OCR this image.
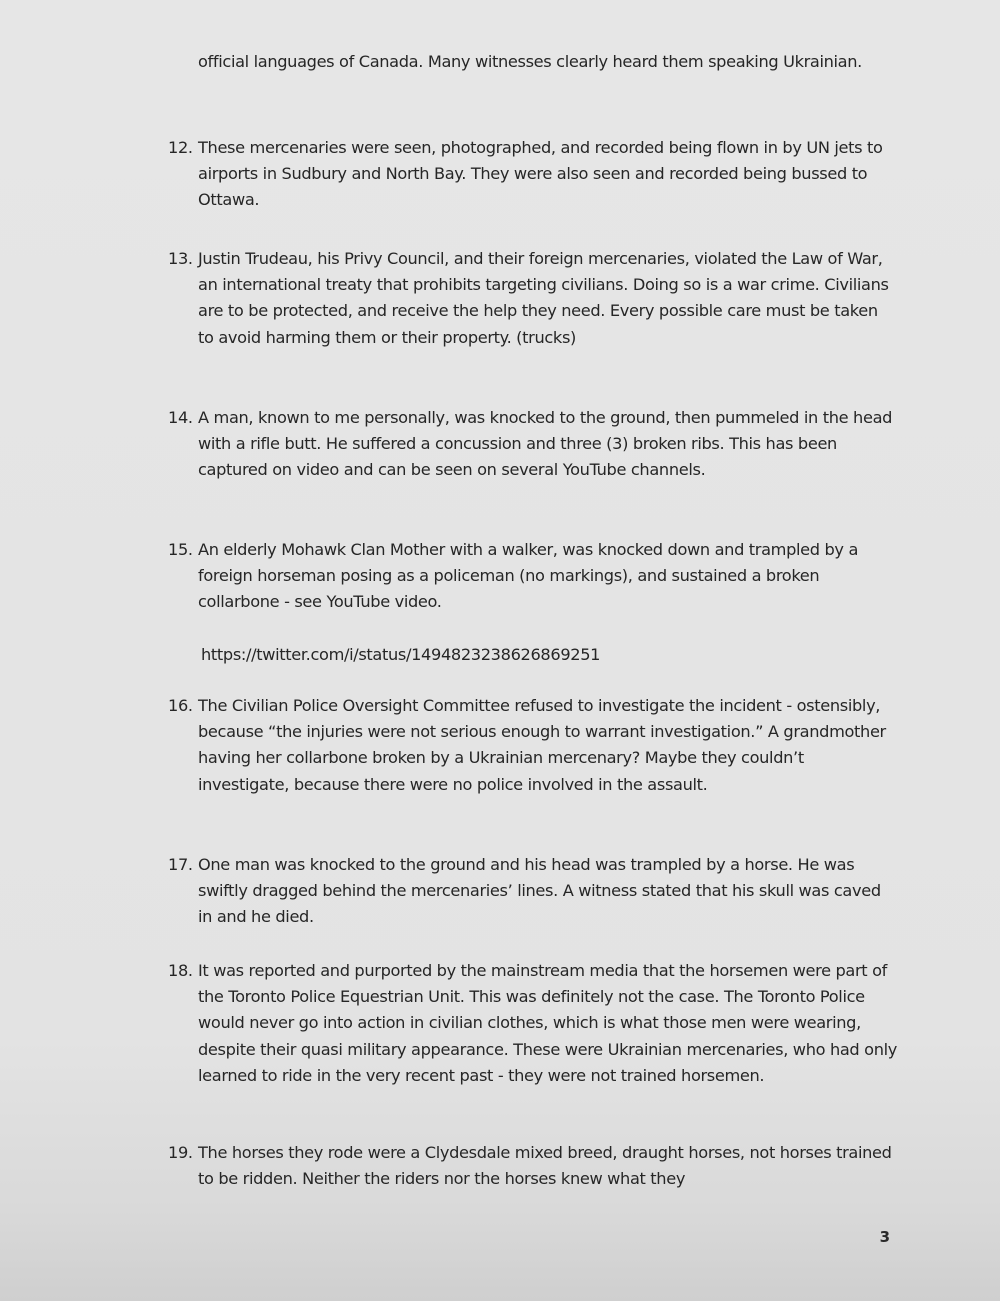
official languages of Canada. Many witnesses clearly heard them speaking Ukrainian.
12. These mercenaries were seen, photographed, and recorded being flown in by UN jets to airports in Sudbury and North Bay. They were also seen and recorded being bussed to Ottawa.
13. Justin Trudeau, his Privy Council, and their foreign mercenaries, violated the Law of War, an international treaty that prohibits targeting civilians. Doing so is a war crime. Civilians are to be protected, and receive the help they need. Every possible care must be taken to avoid harming them or their property. (trucks)
14. A man, known to me personally, was knocked to the ground, then pummeled in the head with a rifle butt. He suffered a concussion and three (3) broken ribs. This has been captured on video and can be seen on several YouTube channels.
15. An elderly Mohawk Clan Mother with a walker, was knocked down and trampled by a foreign horseman posing as a policeman (no markings), and sustained a broken collarbone - see YouTube video.
https://twitter.com/i/status/1494823238626869251
16. The Civilian Police Oversight Committee refused to investigate the incident - ostensibly, because “the injuries were not serious enough to warrant investigation.” A grandmother having her collarbone broken by a Ukrainian mercenary? Maybe they couldn’t investigate, because there were no police involved in the assault.
17. One man was knocked to the ground and his head was trampled by a horse. He was swiftly dragged behind the mercenaries’ lines. A witness stated that his skull was caved in and he died.
18. It was reported and purported by the mainstream media that the horsemen were part of the Toronto Police Equestrian Unit. This was definitely not the case. The Toronto Police would never go into action in civilian clothes, which is what those men were wearing, despite their quasi military appearance. These were Ukrainian mercenaries, who had only learned to ride in the very recent past - they were not trained horsemen.
19. The horses they rode were a Clydesdale mixed breed, draught horses, not horses trained to be ridden. Neither the riders nor the horses knew what they
3
